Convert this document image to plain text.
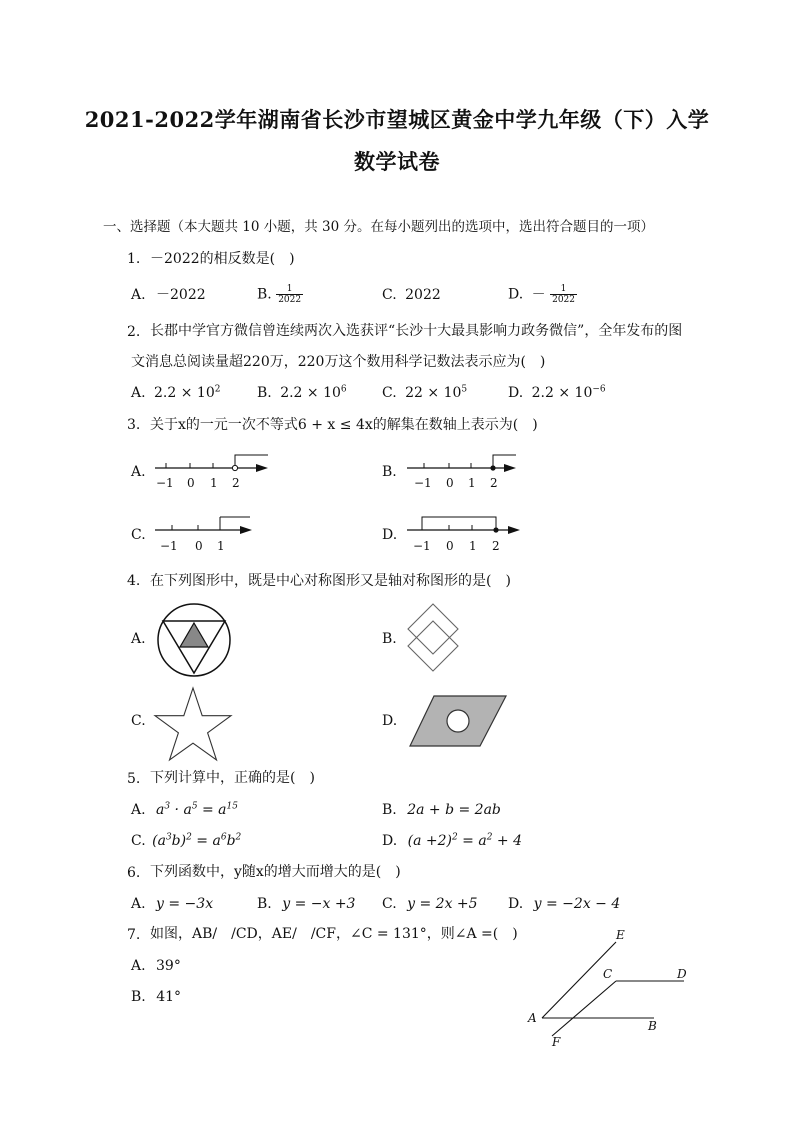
2021-2022学年湖南省长沙市望城区黄金中学九年级（下）入学
数学试卷
一、选择题（本大题共 10 小题，共 30 分。在每小题列出的选项中，选出符合题目的一项）
1. －2022的相反数是(　)
A. －2022	B. $\frac{1}{2022}$	C. 2022	D. － $\frac{1}{2022}$
2. 长郡中学官方微信曾连续两次入选获评“长沙十大最具影响力政务微信”，全年发布的图
文消息总阅读量超220万，220万这个数用科学记数法表示应为(　)
A. $2.2 \times 10^2$	B. $2.2 \times 10^6$	C. $22 \times 10^5$	D. $2.2 \times 10^{-6}$
3. 关于x的一元一次不等式6 + x ≤ 4x的解集在数轴上表示为(　)
A.
−1 0 1 2
B.
−1 0 1 2
C.
−1 0 1
D.
−1 0 1 2
4. 在下列图形中，既是中心对称图形又是轴对称图形的是(　)
A.	B.
C.	D.
5. 下列计算中，正确的是(　)
A. $a^3 \cdot a^5 = a^{15}$	B. 2a + b = 2ab
C. $(a^3b)^2 = a^6b^2$	D. $(a +2)^2 = a^2 + 4$
6. 下列函数中，y随x的增大而增大的是(　)
A. y = −3x	B. y = −x +3 C. y = 2x +5 D. y = −2x − 4
7. 如图，AB/　/CD，AE/　/CF，∠C = 131°，则∠A =(　)
A. 39°
B. 41°
E
C	D
A
B
F
